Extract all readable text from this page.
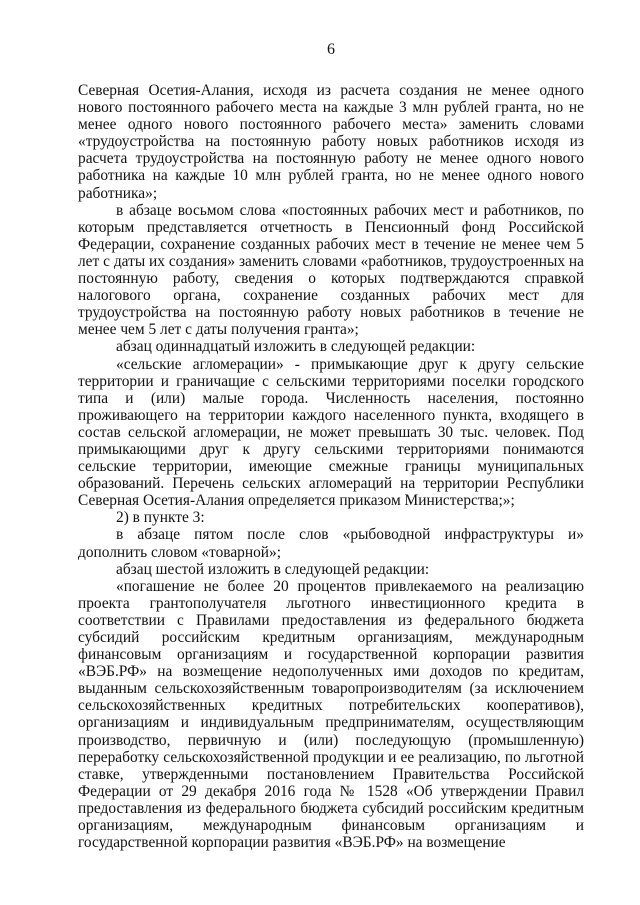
6

Северная Осетия-Алания, исходя из расчета создания не менее одного нового постоянного рабочего места на каждые 3 млн рублей гранта, но не менее одного нового постоянного рабочего места» заменить словами «трудоустройства на постоянную работу новых работников исходя из расчета трудоустройства на постоянную работу не менее одного нового работника на каждые 10 млн рублей гранта, но не менее одного нового работника»;

в абзаце восьмом слова «постоянных рабочих мест и работников, по которым представляется отчетность в Пенсионный фонд Российской Федерации, сохранение созданных рабочих мест в течение не менее чем 5 лет с даты их создания» заменить словами «работников, трудоустроенных на постоянную работу, сведения о которых подтверждаются справкой налогового органа, сохранение созданных рабочих мест для трудоустройства на постоянную работу новых работников в течение не менее чем 5 лет с даты получения гранта»;

абзац одиннадцатый изложить в следующей редакции:

«сельские агломерации» - примыкающие друг к другу сельские территории и граничащие с сельскими территориями поселки городского типа и (или) малые города. Численность населения, постоянно проживающего на территории каждого населенного пункта, входящего в состав сельской агломерации, не может превышать 30 тыс. человек. Под примыкающими друг к другу сельскими территориями понимаются сельские территории, имеющие смежные границы муниципальных образований. Перечень сельских агломераций на территории Республики Северная Осетия-Алания определяется приказом Министерства;»;

2) в пункте 3:

в абзаце пятом после слов «рыбоводной инфраструктуры и» дополнить словом «товарной»;

абзац шестой изложить в следующей редакции:

«погашение не более 20 процентов привлекаемого на реализацию проекта грантополучателя льготного инвестиционного кредита в соответствии с Правилами предоставления из федерального бюджета субсидий российским кредитным организациям, международным финансовым организациям и государственной корпорации развития «ВЭБ.РФ» на возмещение недополученных ими доходов по кредитам, выданным сельскохозяйственным товаропроизводителям (за исключением сельскохозяйственных кредитных потребительских кооперативов), организациям и индивидуальным предпринимателям, осуществляющим производство, первичную и (или) последующую (промышленную) переработку сельскохозяйственной продукции и ее реализацию, по льготной ставке, утвержденными постановлением Правительства Российской Федерации от 29 декабря 2016 года № 1528 «Об утверждении Правил предоставления из федерального бюджета субсидий российским кредитным организациям, международным финансовым организациям и государственной корпорации развития «ВЭБ.РФ» на возмещение
